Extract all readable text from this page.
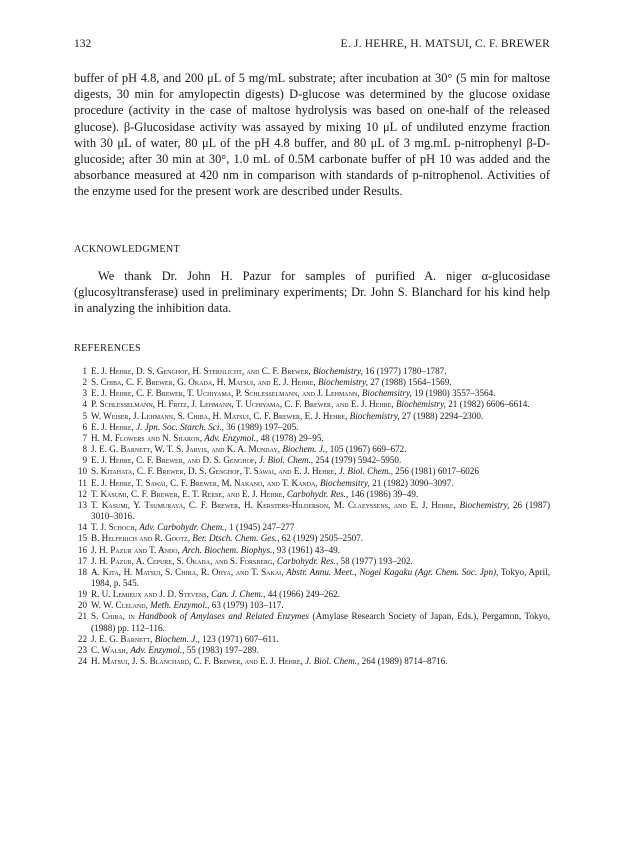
132	E. J. HEHRE, H. MATSUI, C. F. BREWER

buffer of pH 4.8, and 200 μL of 5 mg/mL substrate; after incubation at 30° (5 min for maltose digests, 30 min for amylopectin digests) D-glucose was determined by the glucose oxidase procedure (activity in the case of maltose hydrolysis was based on one-half of the released glucose). β-Glucosidase activity was assayed by mixing 10 μL of undiluted enzyme fraction with 30 μL of water, 80 μL of the pH 4.8 buffer, and 80 μL of 3 mg.mL p-nitrophenyl β-D-glucoside; after 30 min at 30°, 1.0 mL of 0.5M carbonate buffer of pH 10 was added and the absorbance measured at 420 nm in comparison with standards of p-nitrophenol. Activities of the enzyme used for the present work are described under Results.

ACKNOWLEDGMENT
We thank Dr. John H. Pazur for samples of purified A. niger α-glucosidase (glucosyltransferase) used in preliminary experiments; Dr. John S. Blanchard for his kind help in analyzing the inhibition data.
REFERENCES
1 E. J. Hehre, D. S. Genghof, H. Sternlicht, and C. F. Brewer, Biochemistry, 16 (1977) 1780–1787.
2 S. Chiba, C. F. Brewer, G. Okada, H. Matsui, and E. J. Hehre, Biochemistry, 27 (1988) 1564–1569.
3 E. J. Hehre, C. F. Brewer, T. Uchiyama, P. Schlesselmann, and J. Lehmann, Biochemsitry, 19 (1980) 3557–3564.
4 P. Schlesselmann, H. Fritz, J. Lehmann, T. Uchiyama, C. F. Brewer, and E. J. Hehre, Biochemistry, 21 (1982) 6606–6614.
5 W. Weiser, J. Lehmann, S. Chiba, H. Matsui, C. F. Brewer, E. J. Hehre, Biochemistry, 27 (1988) 2294–2300.
6 E. J. Hehre, J. Jpn. Soc. Starch. Sci., 36 (1989) 197–205.
7 H. M. Flowers and N. Sharon, Adv. Enzymol., 48 (1978) 29–95.
8 J. E. G. Barnett, W. T. S. Jarvis, and K. A. Munday, Biochem. J., 105 (1967) 669–672.
9 E. J. Hehre, C. F. Brewer, and D. S. Genghof, J. Biol. Chem., 254 (1979) 5942–5950.
10 S. Kitahata, C. F. Brewer, D. S. Genghof, T. Sawai, and E. J. Hehre, J. Biol. Chem., 256 (1981) 6017–6026
11 E. J. Hehre, T. Sawai, C. F. Brewer, M. Nakano, and T. Kanda, Biochemsitry, 21 (1982) 3090–3097.
12 T. Kasumi, C. F. Brewer, E. T. Reese, and E. J. Hehre, Carbohydr. Res., 146 (1986) 39–49.
13 T. Kasumi, Y. Tsumuraya, C. F. Brewer, H. Kersters-Hilderson, M. Claeyssens, and E. J. Hehre, Biochemistry, 26 (1987) 3010–3016.
14 T. J. Schoch, Adv. Carbohydr. Chem., 1 (1945) 247–277
15 B. Helferich and R. Gootz, Ber. Dtsch. Chem. Ges., 62 (1929) 2505–2507.
16 J. H. Pazur and T. Ando, Arch. Biochem. Biophys., 93 (1961) 43–49.
17 J. H. Pazur, A. Cepure, S. Okada, and S. Forsberg, Carbohydr. Res., 58 (1977) 193–202.
18 A. Kita, H. Matsui, S. Chiba, R. Ohya, and T. Sakai, Abstr. Annu. Meet., Nogei Kagaku (Agr. Chem. Soc. Jpn), Tokyo, April, 1984, p. 545.
19 R. U. Lemieux and J. D. Stevens, Can. J. Chem., 44 (1966) 249–262.
20 W. W. Cleland, Meth. Enzymol., 63 (1979) 103–117.
21 S. Chiba, in Handbook of Amylases and Related Enzymes (Amylase Research Society of Japan, Eds.), Pergamon, Tokyo, (1988) pp. 112–116.
22 J. E. G. Barnett, Biochem. J., 123 (1971) 607–611.
23 C. Walsh, Adv. Enzymol., 55 (1983) 197–289.
24 H. Matsui, J. S. Blanchard, C. F. Brewer, and E. J. Hehre, J. Biol. Chem., 264 (1989) 8714–8716.
